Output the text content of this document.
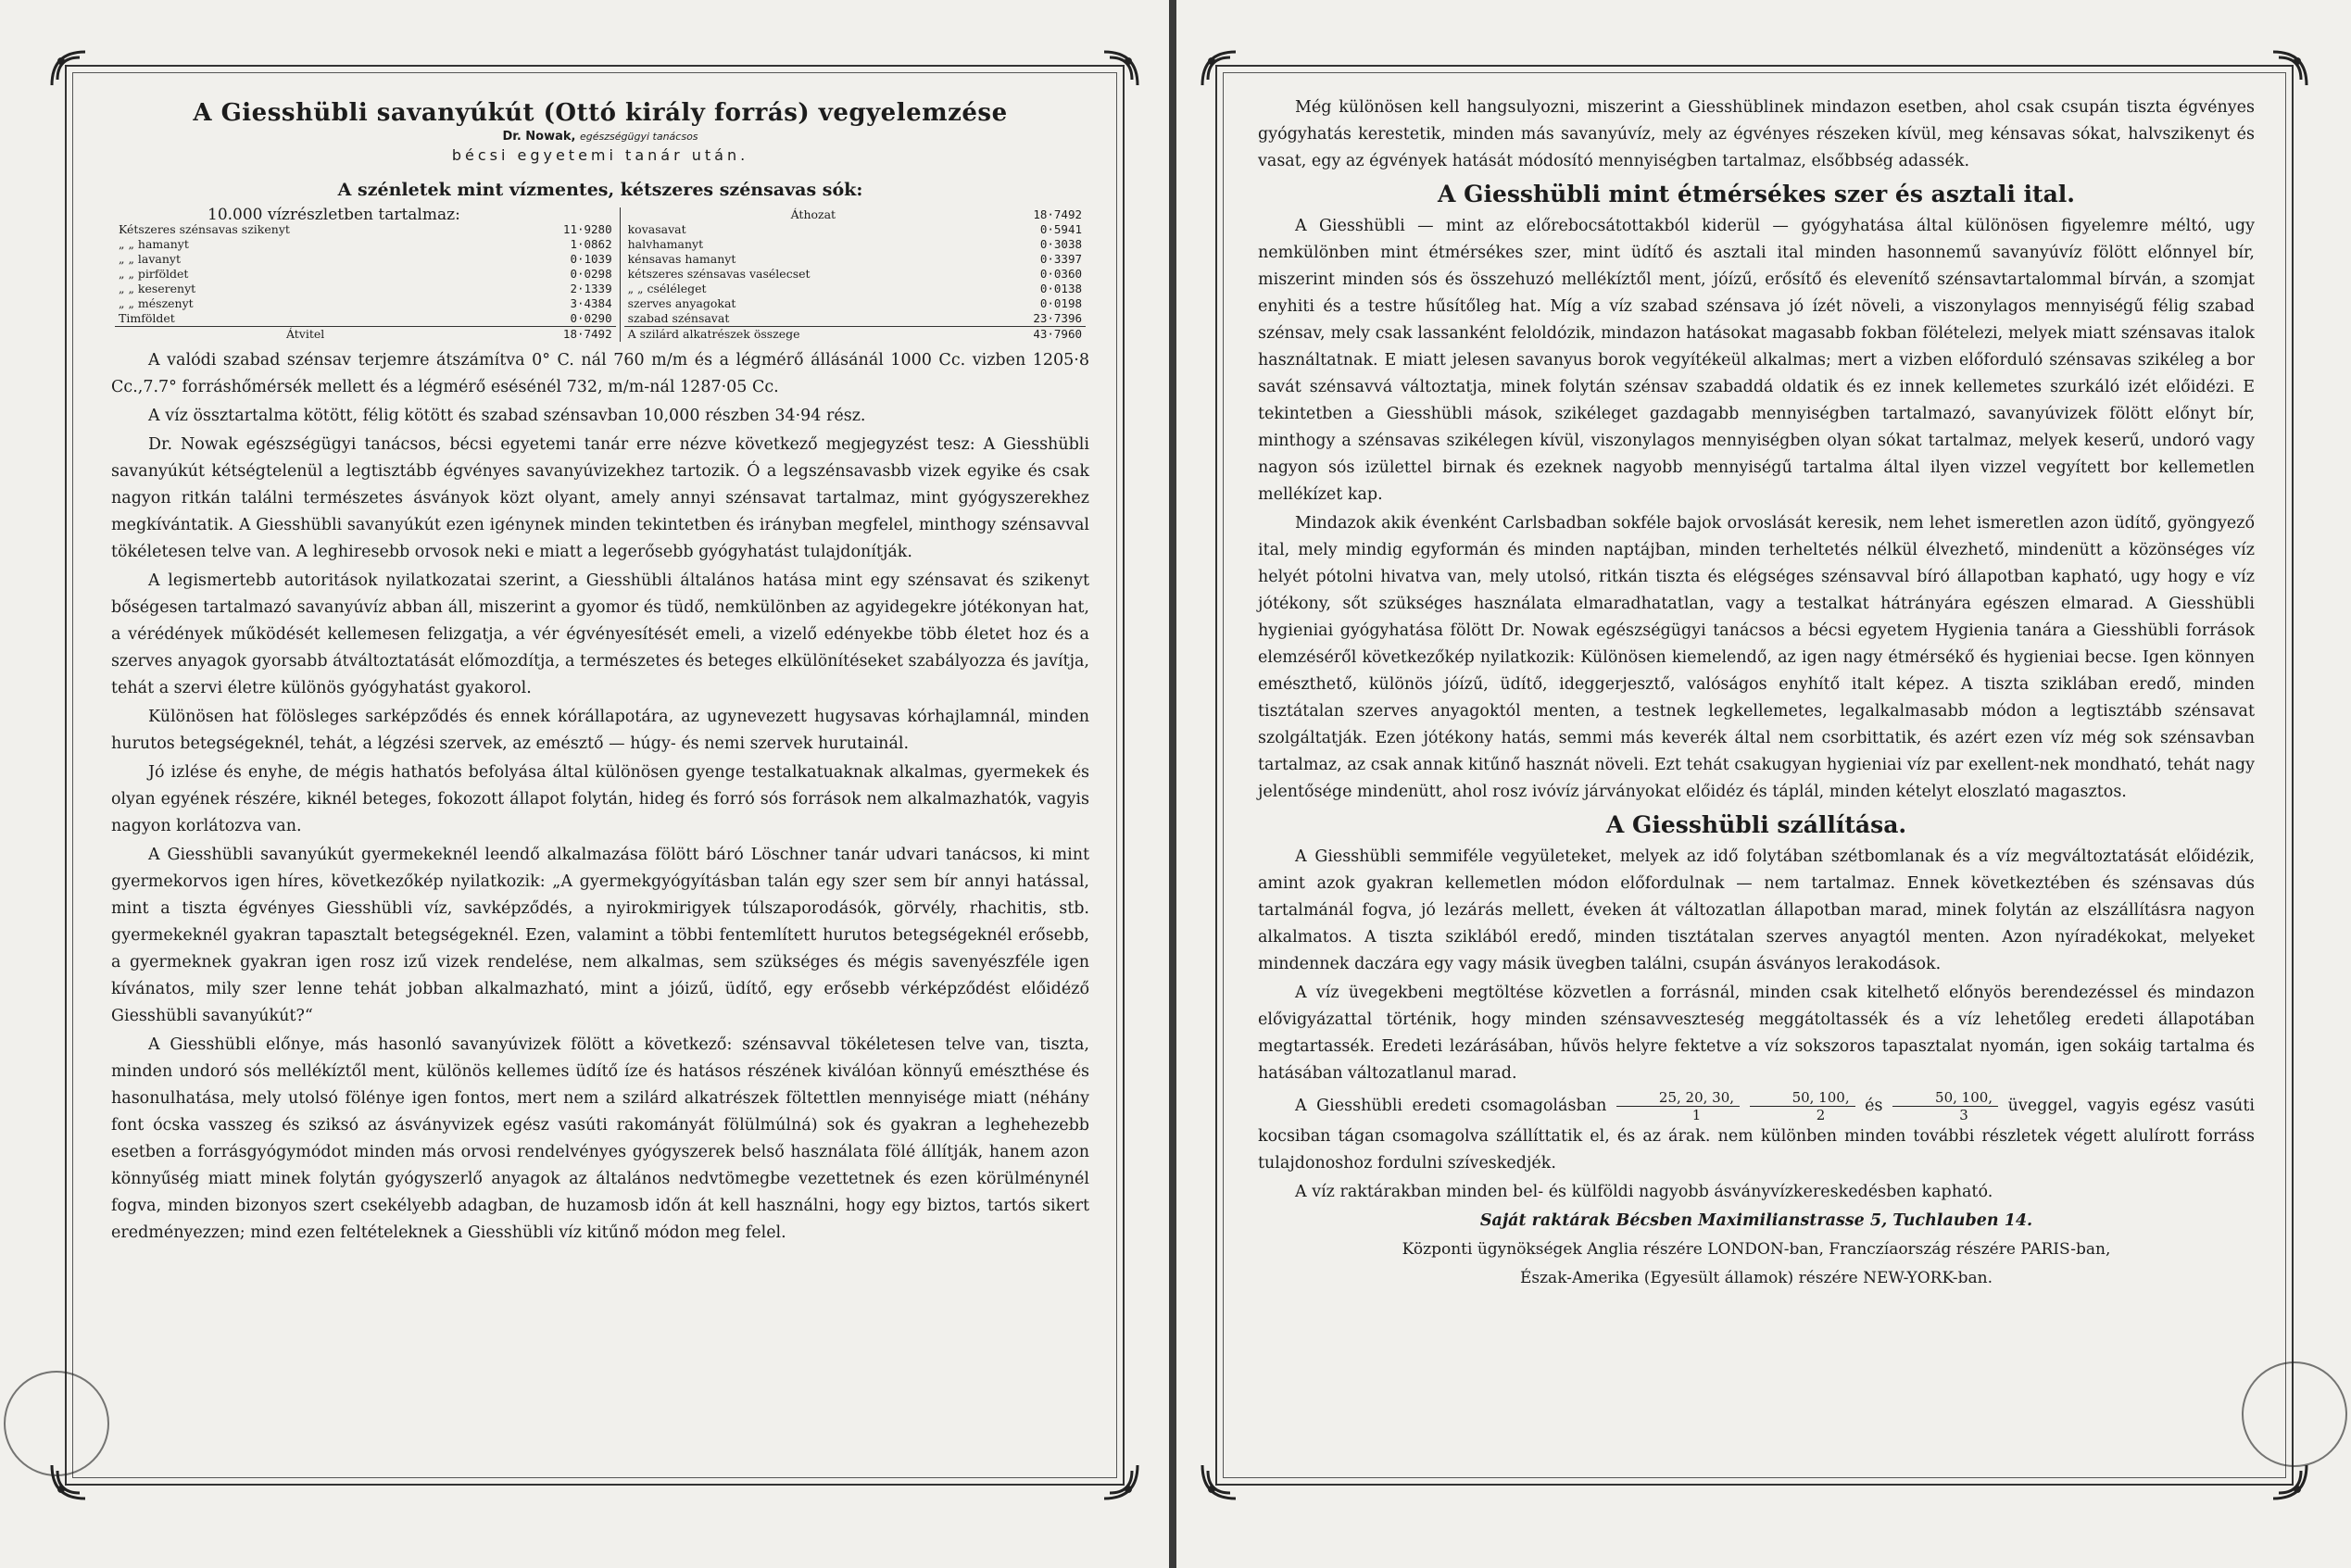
A Giesshübli savanyúkút (Ottó király forrás) vegyelemzése
Dr. Nowak, egészségügyi tanácsos
bécsi egyetemi tanár után.
A szénletek mint vízmentes, kétszeres szénsavas sók:
10.000 vízrészletben tartalmaz:
Kétszeres szénsavas szikenyt	11·9280
„ „ hamanyt	1·0862
„ „ lavanyt	0·1039
„ „ pirföldet	0·0298
„ „ keserenyt	2·1339
„ „ mészenyt	3·4384
Timföldet	0·0290
Átvitel	18·7492

Áthozat	18·7492
kovasavat	0·5941
halvhamanyt	0·3038
kénsavas hamanyt	0·3397
kétszeres szénsavas vasélecset	0·0360
„ „ cséléleget	0·0138
szerves anyagokat	0·0198
szabad szénsavat	23·7396
A szilárd alkatrészek összege	43·7960

A valódi szabad szénsav terjemre átszámítva 0° C. nál 760 m/m és a légmérő állásánál 1000 Cc. vizben 1205·8 Cc.,7.7° forráshőmérsék mellett és a légmérő esésénél 732, m/m-nál 1287·05 Cc.

A víz össztartalma kötött, félig kötött és szabad szénsavban 10,000 részben 34·94 rész.

Dr. Nowak egészségügyi tanácsos, bécsi egyetemi tanár erre nézve következő megjegyzést tesz: A Giesshübli savanyúkút kétségtelenül a legtisztább égvényes savanyúvizekhez tartozik. Ó a legszénsavasbb vizek egyike és csak nagyon ritkán találni természetes ásványok közt olyant, amely annyi szénsavat tartalmaz, mint gyógyszerekhez megkívántatik. A Giesshübli savanyúkút ezen igénynek minden tekintetben és irányban megfelel, minthogy szénsavval tökéletesen telve van. A leghiresebb orvosok neki e miatt a legerősebb gyógyhatást tulajdonítják.

A legismertebb autoritások nyilatkozatai szerint, a Giesshübli általános hatása mint egy szénsavat és szikenyt bőségesen tartalmazó savanyúvíz abban áll, miszerint a gyomor és tüdő, nemkülönben az agyidegekre jótékonyan hat, a vérédények működését kellemesen felizgatja, a vér égvényesítését emeli, a vizelő edényekbe több életet hoz és a szerves anyagok gyorsabb átváltoztatását előmozdítja, a természetes és beteges elkülönítéseket szabályozza és javítja, tehát a szervi életre különös gyógyhatást gyakorol.

Különösen hat fölösleges sarképződés és ennek kórállapotára, az ugynevezett hugysavas kórhajlamnál, minden hurutos betegségeknél, tehát, a légzési szervek, az emésztő — húgy- és nemi szervek hurutainál.

Jó izlése és enyhe, de mégis hathatós befolyása által különösen gyenge testalkatuaknak alkalmas, gyermekek és olyan egyének részére, kiknél beteges, fokozott állapot folytán, hideg és forró sós források nem alkalmazhatók, vagyis nagyon korlátozva van.

A Giesshübli savanyúkút gyermekeknél leendő alkalmazása fölött báró Löschner tanár udvari tanácsos, ki mint gyermekorvos igen híres, következőkép nyilatkozik: „A gyermekgyógyításban talán egy szer sem bír annyi hatással, mint a tiszta égvényes Giesshübli víz, savképződés, a nyirokmirigyek túlszaporodásók, görvély, rhachitis, stb. gyermekeknél gyakran tapasztalt betegségeknél. Ezen, valamint a többi fentemlített hurutos betegségeknél erősebb, a gyermeknek gyakran igen rosz izű vizek rendelése, nem alkalmas, sem szükséges és mégis savenyészféle igen kívánatos, mily szer lenne tehát jobban alkalmazható, mint a jóizű, üdítő, egy erősebb vérképződést előidéző Giesshübli savanyúkút?“

A Giesshübli előnye, más hasonló savanyúvizek fölött a következő: szénsavval tökéletesen telve van, tiszta, minden undoró sós mellékíztől ment, különös kellemes üdítő íze és hatásos részének kiválóan könnyű emészthése és hasonulhatása, mely utolsó fölénye igen fontos, mert nem a szilárd alkatrészek föltettlen mennyisége miatt (néhány font ócska vasszeg és sziksó az ásványvizek egész vasúti rakományát fölülmúlná) sok és gyakran a leghehezebb esetben a forrásgyógymódot minden más orvosi rendelvényes gyógyszerek belső használata fölé állítják, hanem azon könnyűség miatt minek folytán gyógyszerlő anyagok az általános nedvtömegbe vezettetnek és ezen körülménynél fogva, minden bizonyos szert csekélyebb adagban, de huzamosb időn át kell használni, hogy egy biztos, tartós sikert eredményezzen; mind ezen feltételeknek a Giesshübli víz kitűnő módon meg felel.

Még különösen kell hangsulyozni, miszerint a Giesshüblinek mindazon esetben, ahol csak csupán tiszta égvényes gyógyhatás kerestetik, minden más savanyúvíz, mely az égvényes részeken kívül, meg kénsavas sókat, halvszikenyt és vasat, egy az égvények hatását módosító mennyiségben tartalmaz, elsőbbség adassék.

A Giesshübli mint étmérsékes szer és asztali ital.

A Giesshübli — mint az előrebocsátottakból kiderül — gyógyhatása által különösen figyelemre méltó, ugy nemkülönben mint étmérsékes szer, mint üdítő és asztali ital minden hasonnemű savanyúvíz fölött előnnyel bír, miszerint minden sós és összehuzó mellékíztől ment, jóízű, erősítő és elevenítő szénsavtartalommal bírván, a szomjat enyhiti és a testre hűsítőleg hat. Míg a víz szabad szénsava jó ízét növeli, a viszonylagos mennyiségű félig szabad szénsav, mely csak lassanként feloldózik, mindazon hatásokat magasabb fokban fölételezi, melyek miatt szénsavas italok használtatnak. E miatt jelesen savanyus borok vegyítékeül alkalmas; mert a vizben előforduló szénsavas szikéleg a bor savát szénsavvá változtatja, minek folytán szénsav szabaddá oldatik és ez innek kellemetes szurkáló izét előidézi. E tekintetben a Giesshübli mások, szikéleget gazdagabb mennyiségben tartalmazó, savanyúvizek fölött előnyt bír, minthogy a szénsavas szikélegen kívül, viszonylagos mennyiségben olyan sókat tartalmaz, melyek keserű, undoró vagy nagyon sós izülettel birnak és ezeknek nagyobb mennyiségű tartalma által ilyen vizzel vegyített bor kellemetlen mellékízet kap.

Mindazok akik évenként Carlsbadban sokféle bajok orvoslását keresik, nem lehet ismeretlen azon üdítő, gyöngyező ital, mely mindig egyformán és minden naptájban, minden terheltetés nélkül élvezhető, mindenütt a közönséges víz helyét pótolni hivatva van, mely utolsó, ritkán tiszta és elégséges szénsavval bíró állapotban kapható, ugy hogy e víz jótékony, sőt szükséges használata elmaradhatatlan, vagy a testalkat hátrányára egészen elmarad. A Giesshübli hygieniai gyógyhatása fölött Dr. Nowak egészségügyi tanácsos a bécsi egyetem Hygienia tanára a Giesshübli források elemzéséről következőkép nyilatkozik: Különösen kiemelendő, az igen nagy étmérsékő és hygieniai becse. Igen könnyen emészthető, különös jóízű, üdítő, ideggerjesztő, valóságos enyhítő italt képez. A tiszta sziklában eredő, minden tisztátalan szerves anyagoktól menten, a testnek legkellemetes, legalkalmasabb módon a legtisztább szénsavat szolgáltatják. Ezen jótékony hatás, semmi más keverék által nem csorbittatik, és azért ezen víz még sok szénsavban tartalmaz, az csak annak kitűnő hasznát növeli. Ezt tehát csakugyan hygieniai víz par exellent-nek mondható, tehát nagy jelentősége mindenütt, ahol rosz ivóvíz járványokat előidéz és táplál, minden kételyt eloszlató magasztos.

A Giesshübli szállítása.

A Giesshübli semmiféle vegyületeket, melyek az idő folytában szétbomlanak és a víz megváltoztatását előidézik, amint azok gyakran kellemetlen módon előfordulnak — nem tartalmaz. Ennek következtében és szénsavas dús tartalmánál fogva, jó lezárás mellett, éveken át változatlan állapotban marad, minek folytán az elszállításra nagyon alkalmatos. A tiszta sziklából eredő, minden tisztátalan szerves anyagtól menten. Azon nyíradékokat, melyeket mindennek daczára egy vagy másik üvegben találni, csupán ásványos lerakodások.

A víz üvegekbeni megtöltése közvetlen a forrásnál, minden csak kitelhető előnyös berendezéssel és mindazon elővigyázattal történik, hogy minden szénsavveszteség meggátoltassék és a víz lehetőleg eredeti állapotában megtartassék. Eredeti lezárásában, hűvös helyre fektetve a víz sokszoros tapasztalat nyomán, igen sokáig tartalma és hatásában változatlanul marad.

A Giesshübli eredeti csomagolásban $\frac{25, 20, 30,}{1}$
$\frac{50, 100,}{2}$ és $\frac{50, 100,}{3}$ üveggel, vagyis egész vasúti kocsiban tágan csomagolva szállíttatik el, és az árak. nem különben minden további részletek végett alulírott forráss tulajdonoshoz fordulni szíveskedjék.

A víz raktárakban minden bel- és külföldi nagyobb ásványvízkereskedésben kapható.

Saját raktárak Bécsben Maximilianstrasse 5, Tuchlauben 14.

Központi ügynökségek Anglia részére LONDON-ban, Franczíaország részére PARIS-ban,

Észak-Amerika (Egyesült államok) részére NEW-YORK-ban.
